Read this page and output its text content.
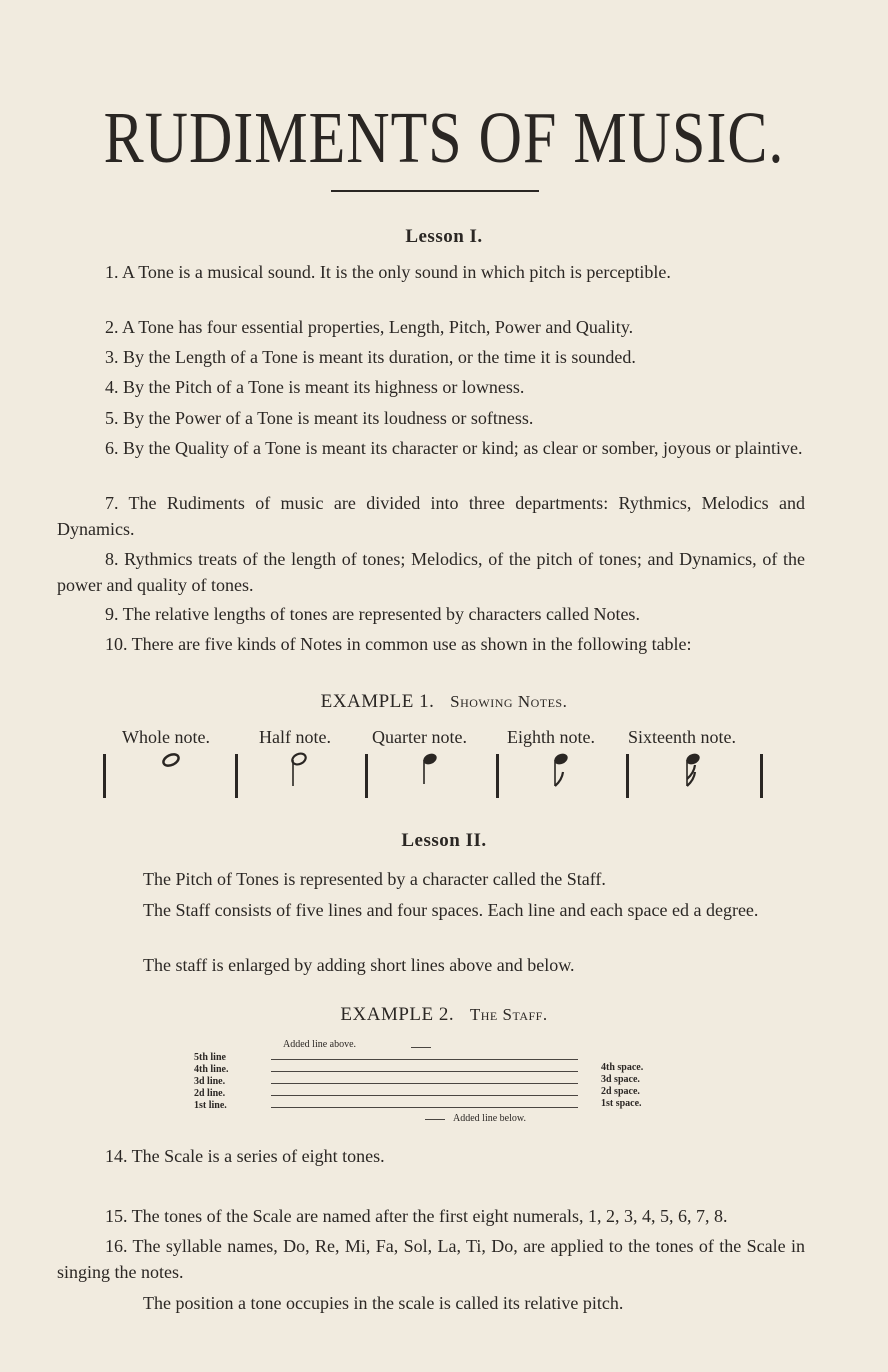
RUDIMENTS OF MUSIC.
Lesson I.
1. A Tone is a musical sound. It is the only sound in which pitch is perceptible.
2. A Tone has four essential properties, Length, Pitch, Power and Quality.
3. By the Length of a Tone is meant its duration, or the time it is sounded.
4. By the Pitch of a Tone is meant its highness or lowness.
5. By the Power of a Tone is meant its loudness or softness.
6. By the Quality of a Tone is meant its character or kind; as clear or somber, joyous or plaintive.
7. The Rudiments of music are divided into three departments: Rythmics, Melodics and Dynamics.
8. Rythmics treats of the length of tones; Melodics, of the pitch of tones; and Dynamics, of the power and quality of tones.
9. The relative lengths of tones are represented by characters called Notes.
10. There are five kinds of Notes in common use as shown in the following table:
EXAMPLE 1. Showing Notes.
Whole note.	Half note. Quarter note. Eighth note. Sixteenth note.
Lesson II.
The Pitch of Tones is represented by a character called the Staff.
The Staff consists of five lines and four spaces. Each line and each space ed a degree.
The staff is enlarged by adding short lines above and below.
EXAMPLE 2. The Staff.
Added line above.
5th line
4th line.
3d line.
2d line.
1st line.
4th space.
3d space.
2d space.
1st space.
Added line below.
14. The Scale is a series of eight tones.
15. The tones of the Scale are named after the first eight numerals, 1, 2, 3, 4, 5, 6, 7, 8.
16. The syllable names, Do, Re, Mi, Fa, Sol, La, Ti, Do, are applied to the tones of the Scale in singing the notes.
The position a tone occupies in the scale is called its relative pitch.
